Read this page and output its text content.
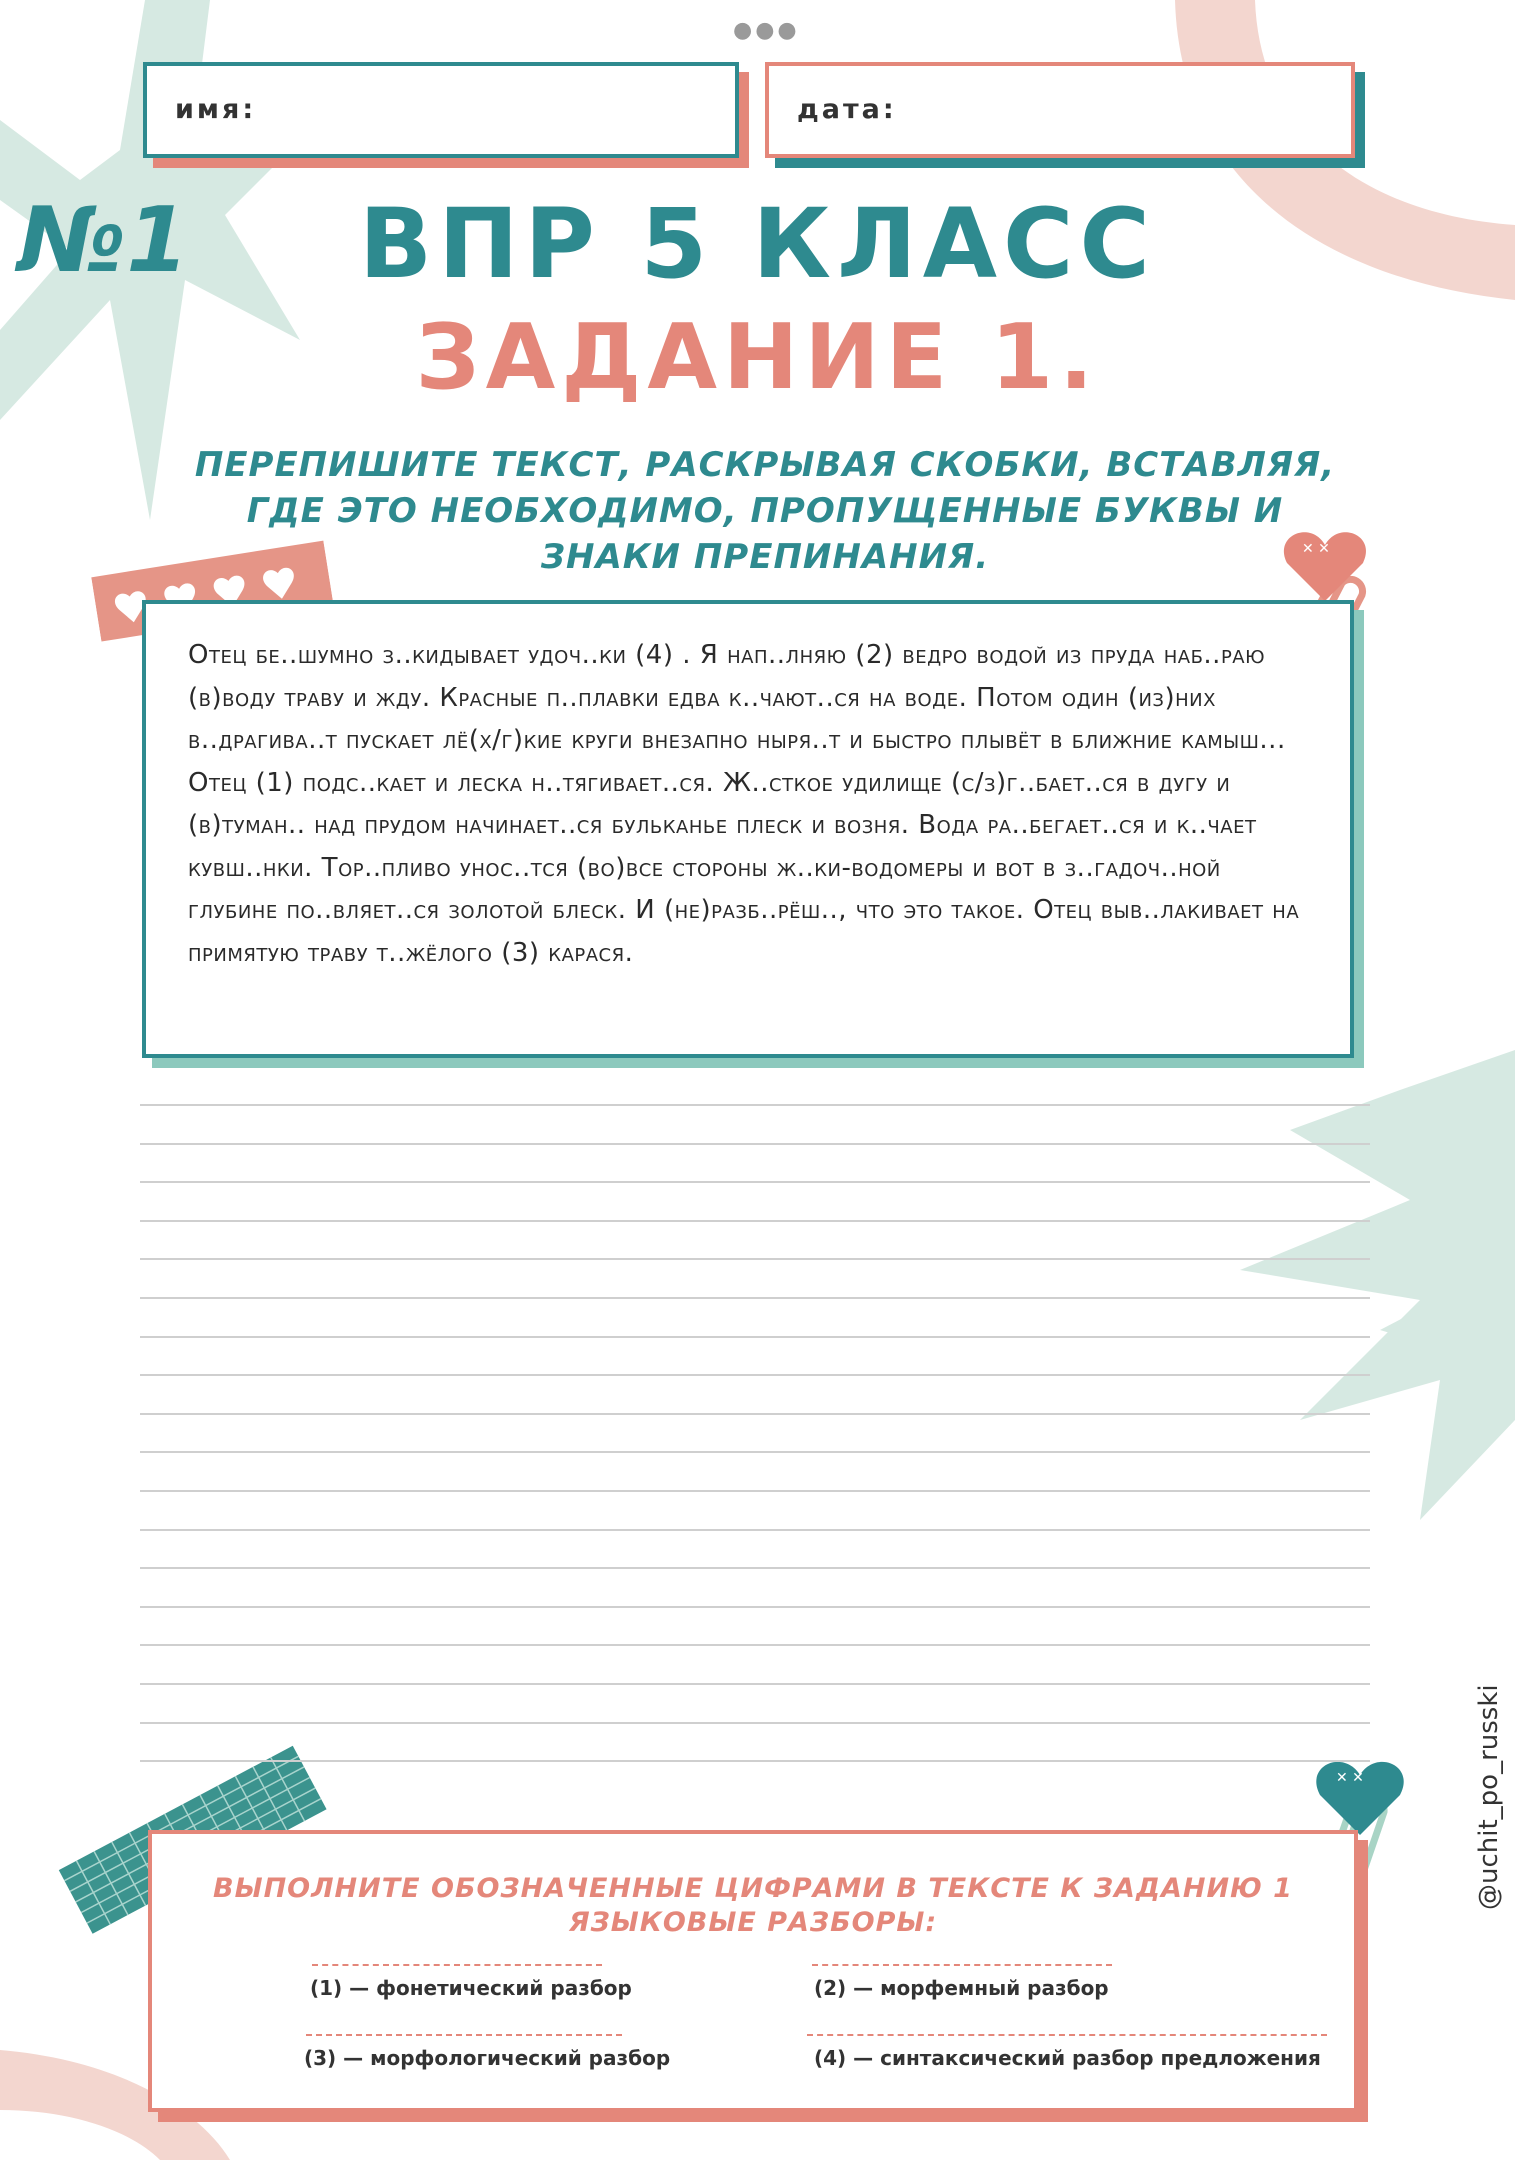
✕ ✕
✕ ✕
●●●
имя:	дата:
№1	ВПР 5 КЛАСС
ЗАДАНИЕ 1.
ПЕРЕПИШИТЕ ТЕКСТ, РАСКРЫВАЯ СКОБКИ, ВСТАВЛЯЯ, ГДЕ ЭТО НЕОБХОДИМО, ПРОПУЩЕННЫЕ БУКВЫ И ЗНАКИ ПРЕПИНАНИЯ.
Отец бе..шумно з..кидывает удоч..ки (4) . Я нап..лняю (2) ведро водой из пруда наб..раю (в)воду траву и жду. Красные п..плавки едва к..чают..ся на воде. Потом один (из)них в..драгива..т пускает лё(х/г)кие круги внезапно ныря..т и быстро плывёт в ближние камыш... Отец (1) подс..кает и леска н..тягивает..ся. Ж..сткое удилище (с/з)г..бает..ся в дугу и (в)туман.. над прудом начинает..ся бульканье плеск и возня. Вода ра..бегает..ся и к..чает кувш..нки. Тор..пливо унос..тся (во)все стороны ж..ки-водомеры и вот в з..гадоч..ной глубине по..вляет..ся золотой блеск. И (не)разб..рёш.., что это такое. Отец выв..лакивает на примятую траву т..жёлого (3) карася.
ВЫПОЛНИТЕ ОБОЗНАЧЕННЫЕ ЦИФРАМИ В ТЕКСТЕ К ЗАДАНИЮ 1 ЯЗЫКОВЫЕ РАЗБОРЫ:
(1) — фонетический разбор	(2) — морфемный разбор
(3) — морфологический разбор	(4) — синтаксический разбор предложения
@uchit_po_russki
